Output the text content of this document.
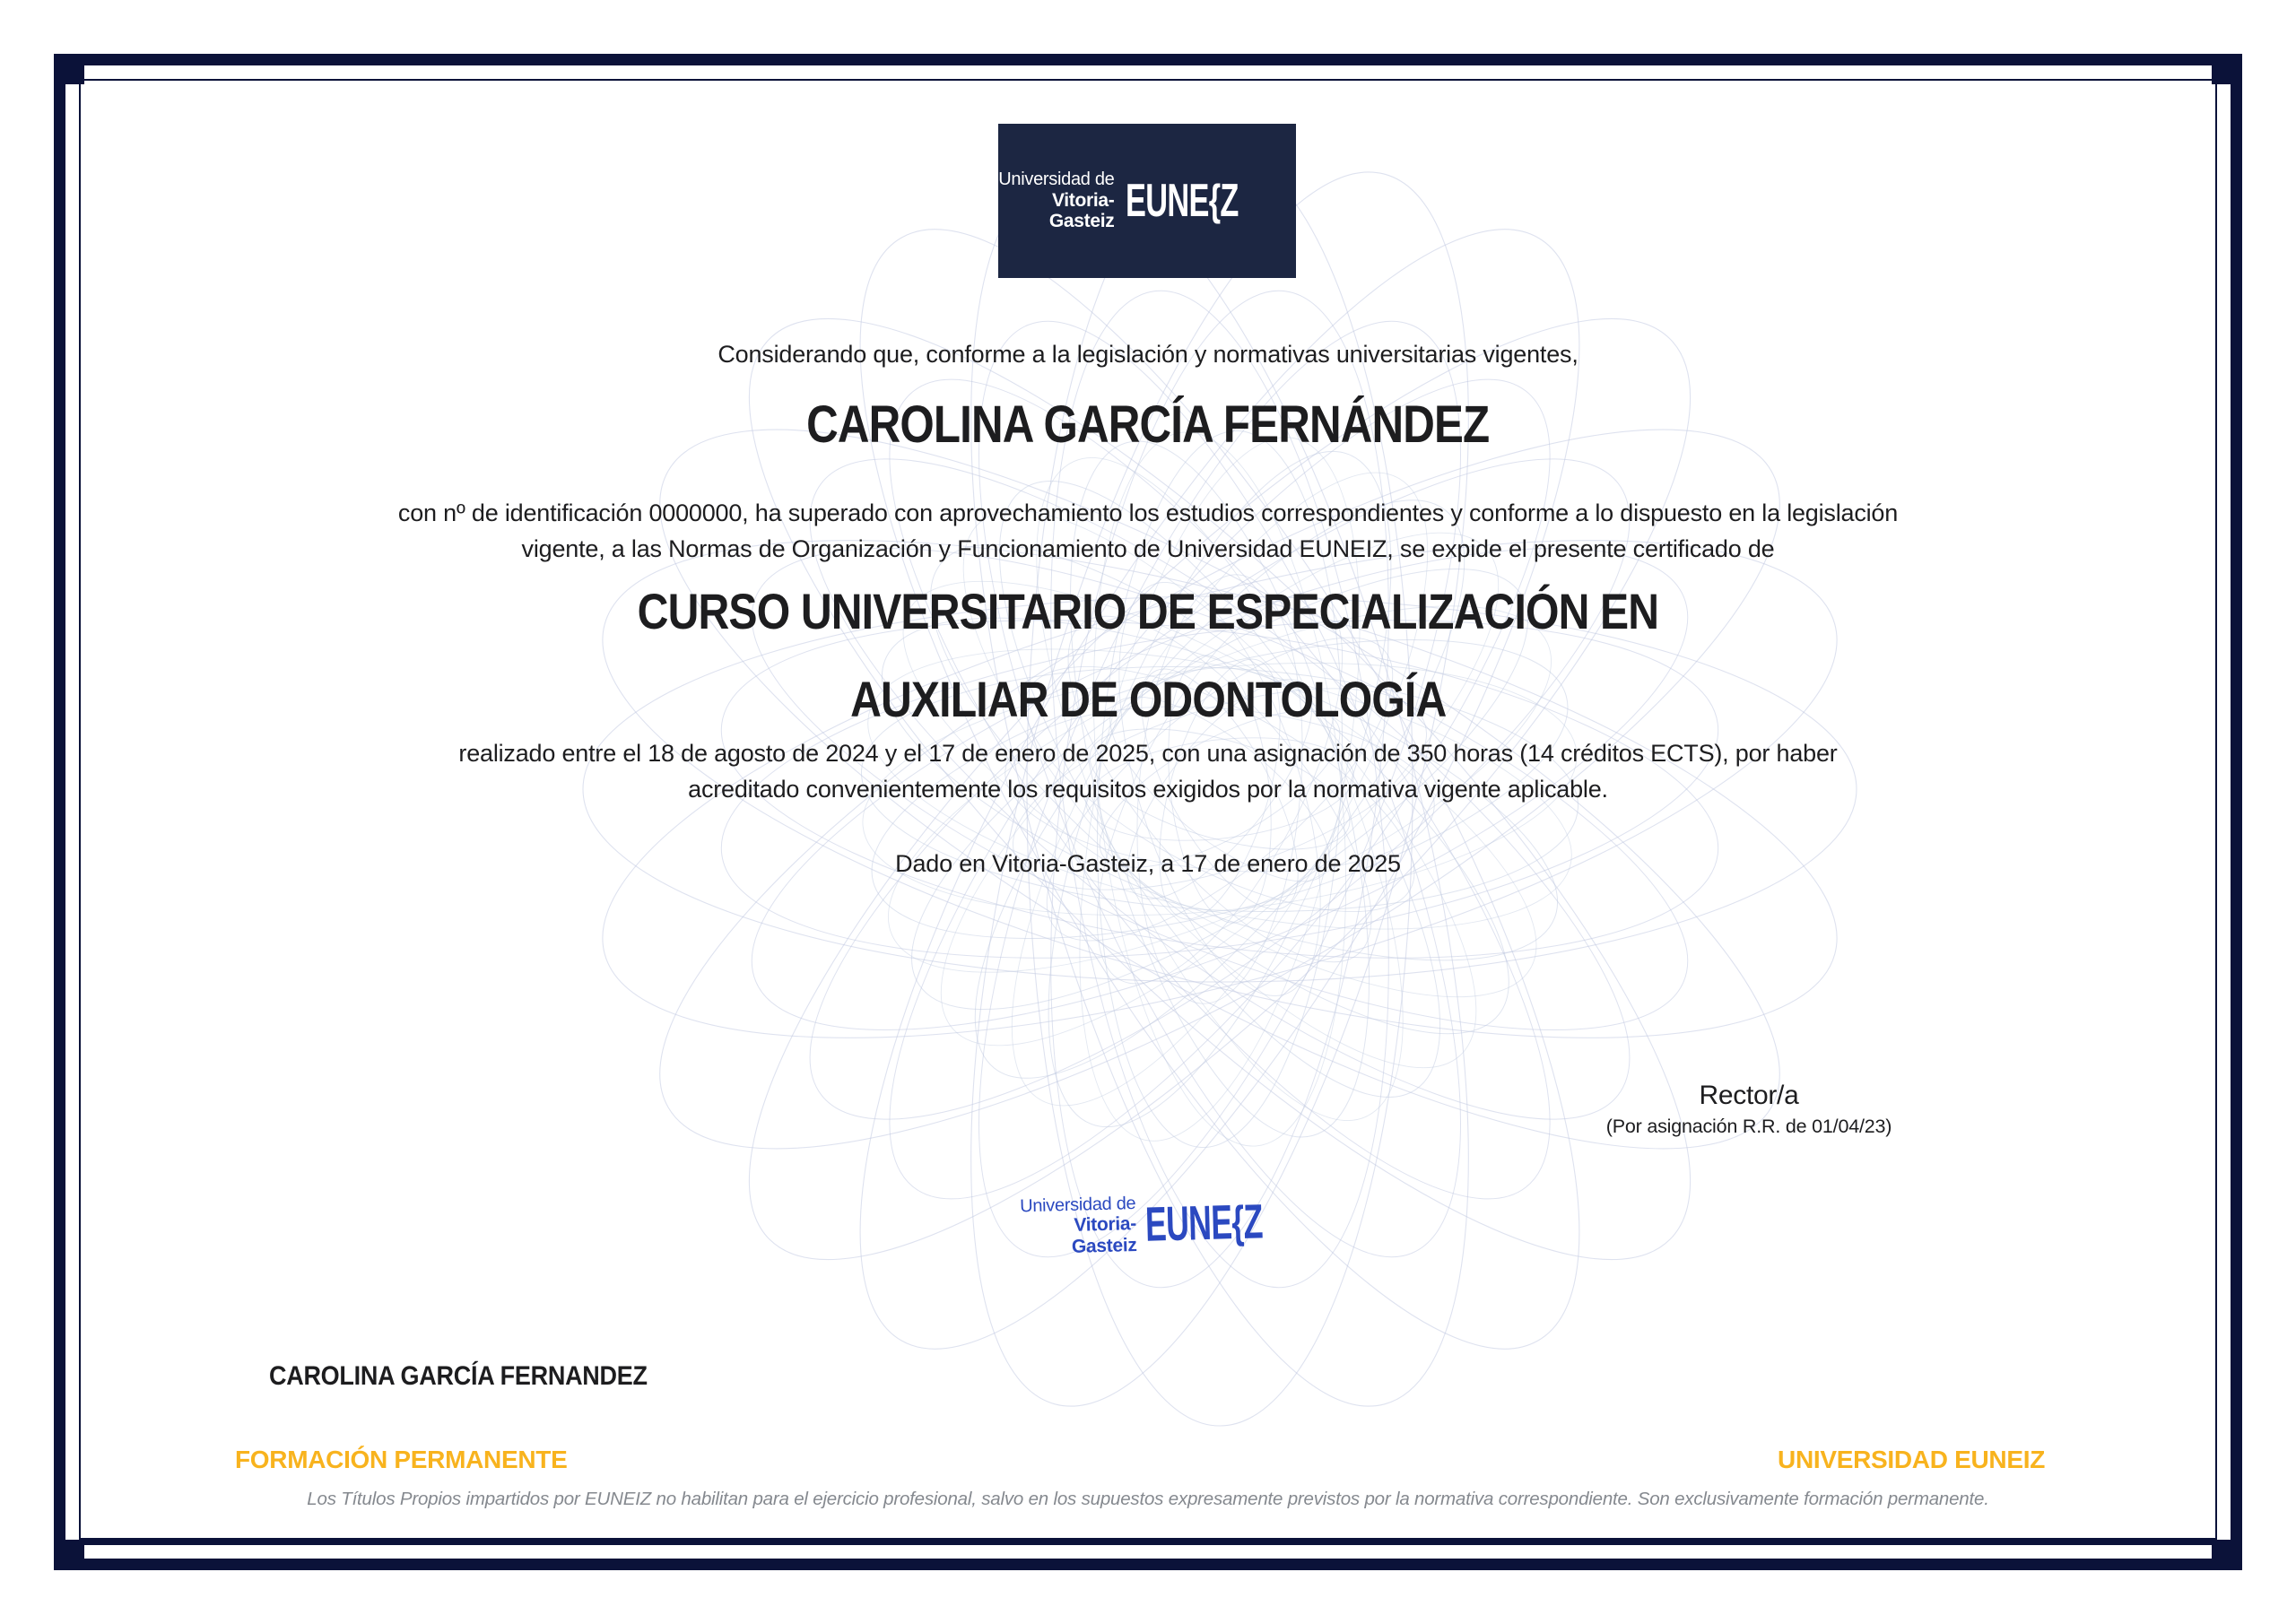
Universidad de
Vitoria-Gasteiz EUNE{Z
Considerando que, conforme a la legislación y normativas universitarias vigentes,
CAROLINA GARCÍA FERNÁNDEZ
con nº de identificación 0000000, ha superado con aprovechamiento los estudios correspondientes y conforme a lo dispuesto en la legislación
vigente, a las Normas de Organización y Funcionamiento de Universidad EUNEIZ, se expide el presente certificado de
CURSO UNIVERSITARIO DE ESPECIALIZACIÓN EN
AUXILIAR DE ODONTOLOGÍA
realizado entre el 18 de agosto de 2024 y el 17 de enero de 2025, con una asignación de 350 horas (14 créditos ECTS), por haber
acreditado convenientemente los requisitos exigidos por la normativa vigente aplicable.
Dado en Vitoria-Gasteiz, a 17 de enero de 2025
Rector/a
(Por asignación R.R. de 01/04/23)
Universidad de
Vitoria-Gasteiz EUNE{Z
CAROLINA GARCÍA FERNANDEZ
FORMACIÓN PERMANENTE	UNIVERSIDAD EUNEIZ
Los Títulos Propios impartidos por EUNEIZ no habilitan para el ejercicio profesional, salvo en los supuestos expresamente previstos por la normativa correspondiente. Son exclusivamente formación permanente.
